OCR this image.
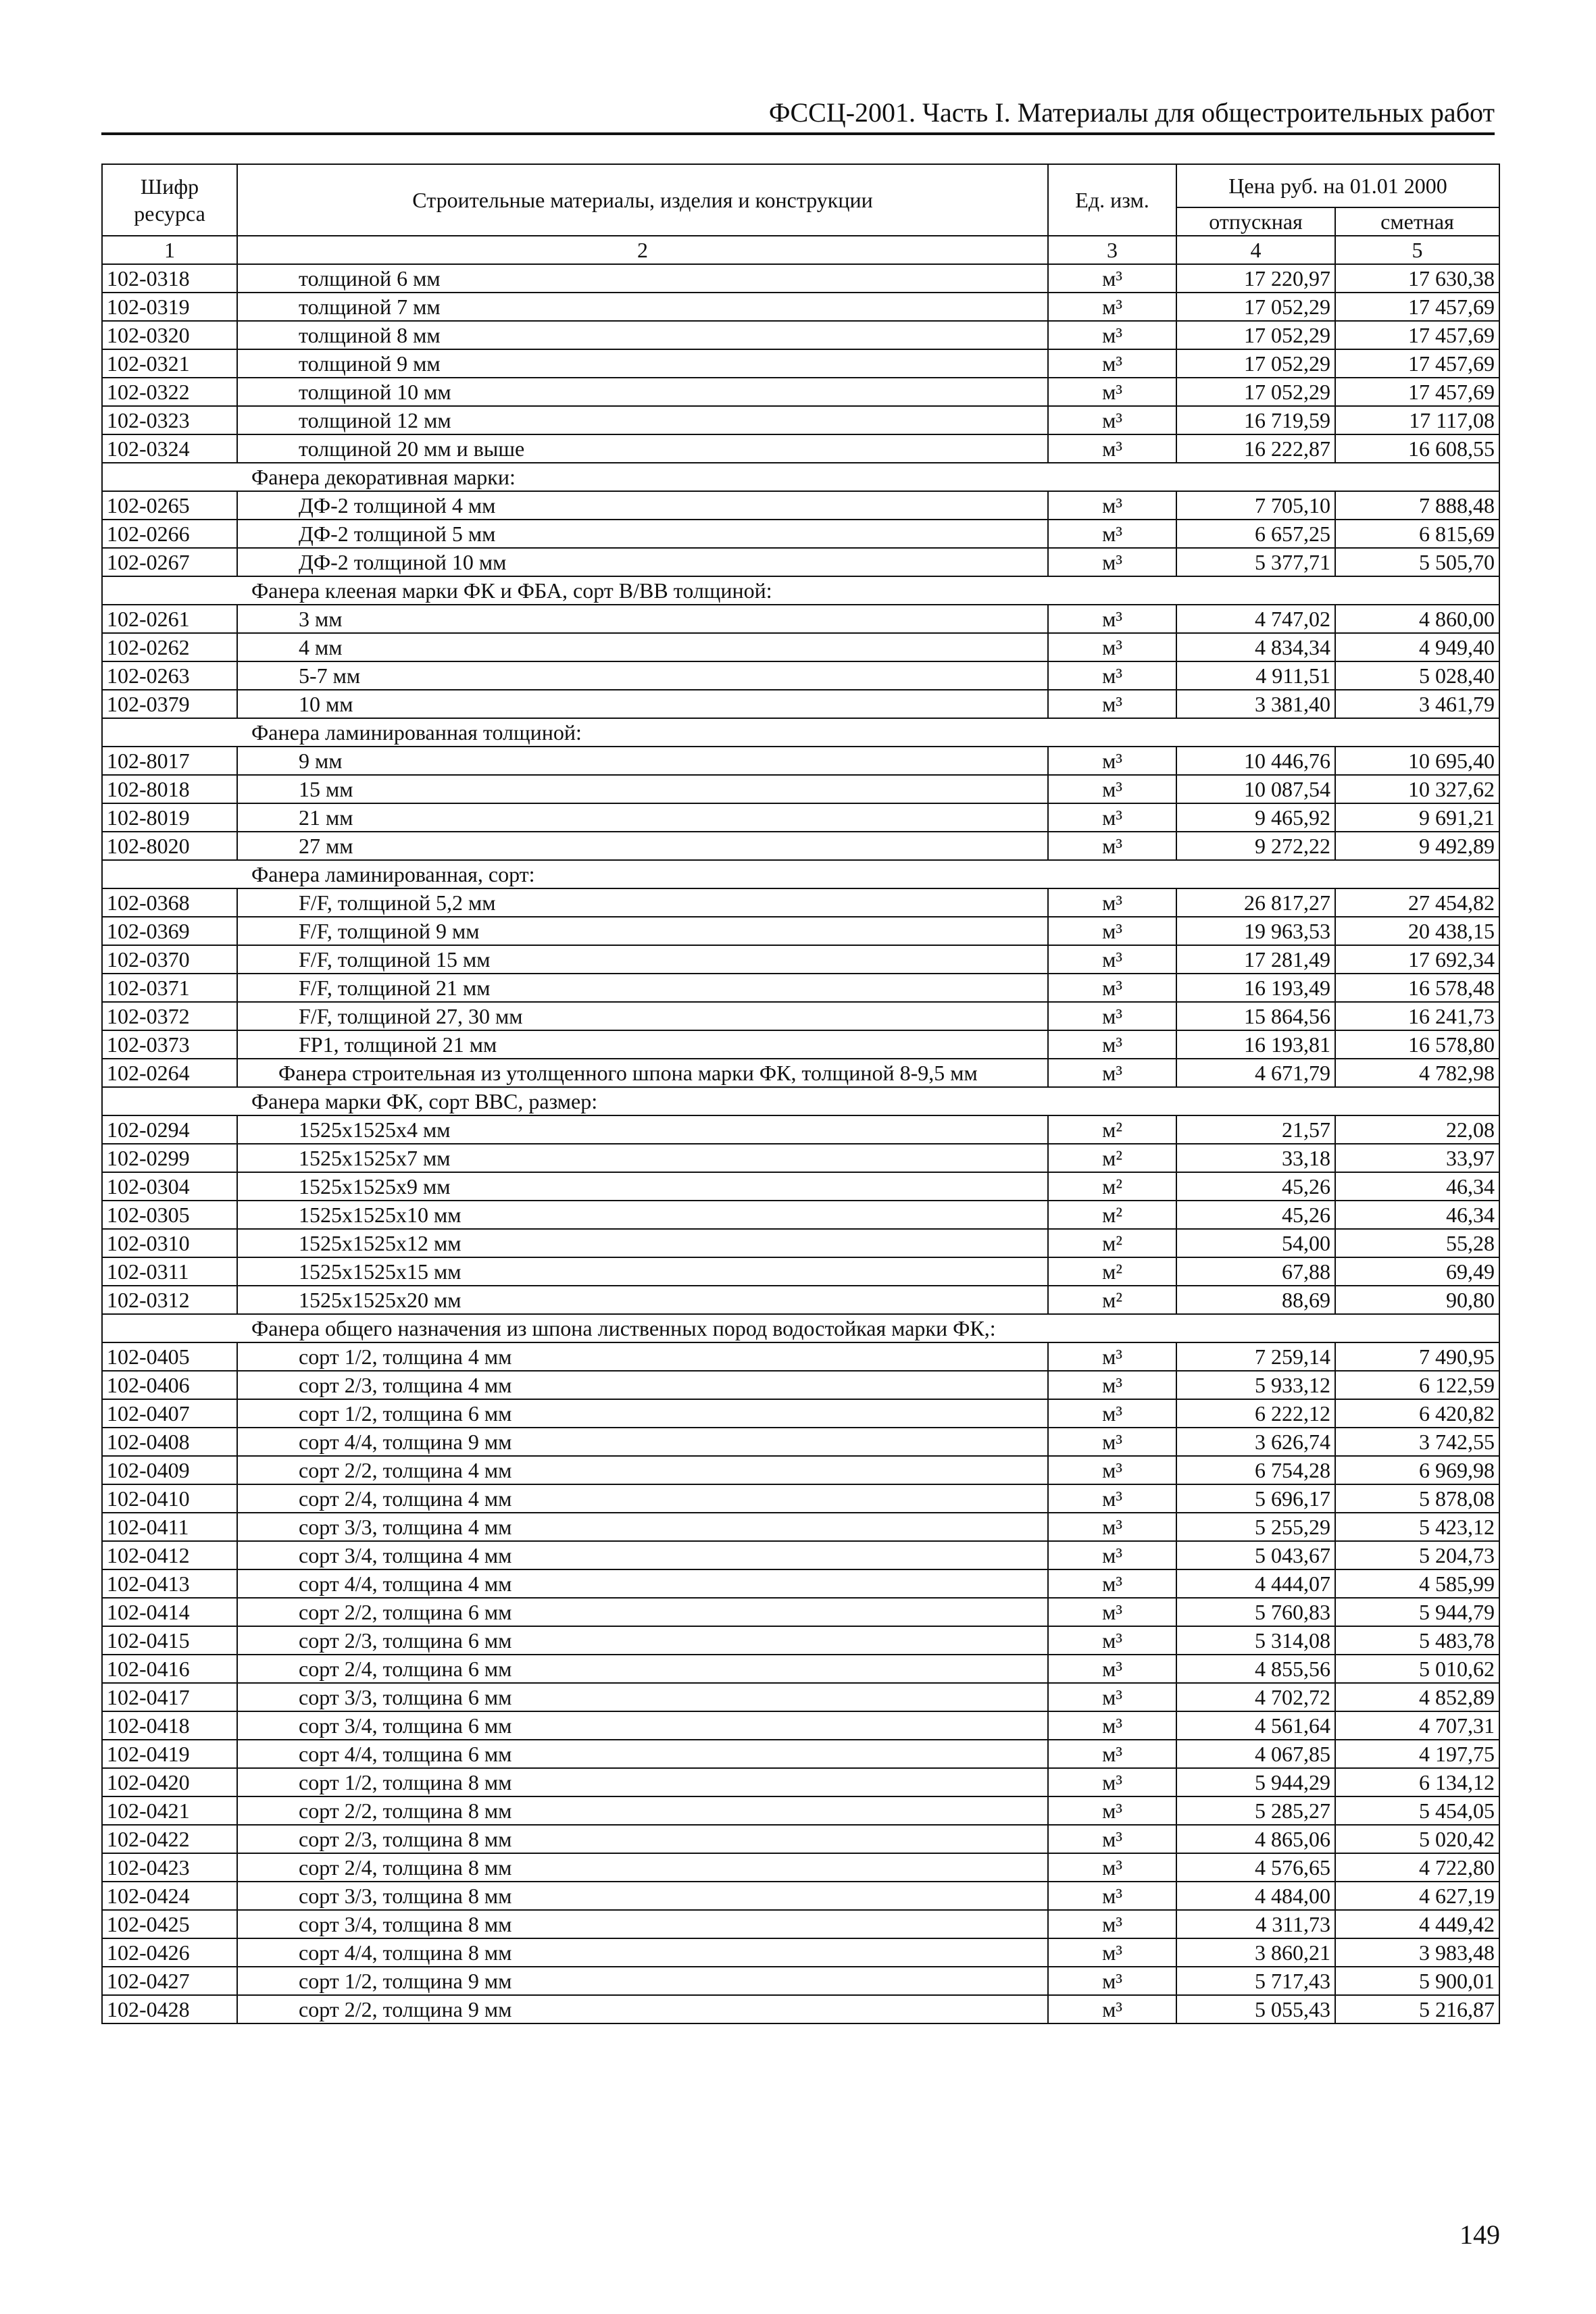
ФССЦ-2001. Часть I. Материалы для общестроительных работ
Шифр ресурса	Строительные материалы, изделия и конструкции	Ед. изм.	Цена руб. на 01.01 2000	
			отпускная	сметная
1	2	3	4	5
102-0318	толщиной 6 мм	м³	17 220,97	17 630,38
102-0319	толщиной 7 мм	м³	17 052,29	17 457,69
102-0320	толщиной 8 мм	м³	17 052,29	17 457,69
102-0321	толщиной 9 мм	м³	17 052,29	17 457,69
102-0322	толщиной 10 мм	м³	17 052,29	17 457,69
102-0323	толщиной 12 мм	м³	16 719,59	17 117,08
102-0324	толщиной 20 мм и выше	м³	16 222,87	16 608,55
Фанера декоративная марки:				
102-0265	ДФ-2 толщиной 4 мм	м³	7 705,10	7 888,48
102-0266	ДФ-2 толщиной 5 мм	м³	6 657,25	6 815,69
102-0267	ДФ-2 толщиной 10 мм	м³	5 377,71	5 505,70
Фанера клееная марки ФК и ФБА, сорт В/ВВ толщиной:				
102-0261	3 мм	м³	4 747,02	4 860,00
102-0262	4 мм	м³	4 834,34	4 949,40
102-0263	5-7 мм	м³	4 911,51	5 028,40
102-0379	10 мм	м³	3 381,40	3 461,79
Фанера ламинированная толщиной:				
102-8017	9 мм	м³	10 446,76	10 695,40
102-8018	15 мм	м³	10 087,54	10 327,62
102-8019	21 мм	м³	9 465,92	9 691,21
102-8020	27 мм	м³	9 272,22	9 492,89
Фанера ламинированная, сорт:				
102-0368	F/F, толщиной 5,2 мм	м³	26 817,27	27 454,82
102-0369	F/F, толщиной 9 мм	м³	19 963,53	20 438,15
102-0370	F/F, толщиной 15 мм	м³	17 281,49	17 692,34
102-0371	F/F, толщиной 21 мм	м³	16 193,49	16 578,48
102-0372	F/F, толщиной 27, 30 мм	м³	15 864,56	16 241,73
102-0373	FP1, толщиной 21 мм	м³	16 193,81	16 578,80
102-0264	Фанера строительная из утолщенного шпона марки ФК, толщиной 8-9,5 мм	м³	4 671,79	4 782,98
Фанера марки ФК, сорт ВВС, размер:				
102-0294	1525х1525х4 мм	м²	21,57	22,08
102-0299	1525х1525х7 мм	м²	33,18	33,97
102-0304	1525х1525х9 мм	м²	45,26	46,34
102-0305	1525х1525х10 мм	м²	45,26	46,34
102-0310	1525х1525х12 мм	м²	54,00	55,28
102-0311	1525х1525х15 мм	м²	67,88	69,49
102-0312	1525х1525х20 мм	м²	88,69	90,80
Фанера общего назначения из шпона лиственных пород водостойкая марки ФК,:				
102-0405	сорт 1/2, толщина 4 мм	м³	7 259,14	7 490,95
102-0406	сорт 2/3, толщина 4 мм	м³	5 933,12	6 122,59
102-0407	сорт 1/2, толщина 6 мм	м³	6 222,12	6 420,82
102-0408	сорт 4/4, толщина 9 мм	м³	3 626,74	3 742,55
102-0409	сорт 2/2, толщина 4 мм	м³	6 754,28	6 969,98
102-0410	сорт 2/4, толщина 4 мм	м³	5 696,17	5 878,08
102-0411	сорт 3/3, толщина 4 мм	м³	5 255,29	5 423,12
102-0412	сорт 3/4, толщина 4 мм	м³	5 043,67	5 204,73
102-0413	сорт 4/4, толщина 4 мм	м³	4 444,07	4 585,99
102-0414	сорт 2/2, толщина 6 мм	м³	5 760,83	5 944,79
102-0415	сорт 2/3, толщина 6 мм	м³	5 314,08	5 483,78
102-0416	сорт 2/4, толщина 6 мм	м³	4 855,56	5 010,62
102-0417	сорт 3/3, толщина 6 мм	м³	4 702,72	4 852,89
102-0418	сорт 3/4, толщина 6 мм	м³	4 561,64	4 707,31
102-0419	сорт 4/4, толщина 6 мм	м³	4 067,85	4 197,75
102-0420	сорт 1/2, толщина 8 мм	м³	5 944,29	6 134,12
102-0421	сорт 2/2, толщина 8 мм	м³	5 285,27	5 454,05
102-0422	сорт 2/3, толщина 8 мм	м³	4 865,06	5 020,42
102-0423	сорт 2/4, толщина 8 мм	м³	4 576,65	4 722,80
102-0424	сорт 3/3, толщина 8 мм	м³	4 484,00	4 627,19
102-0425	сорт 3/4, толщина 8 мм	м³	4 311,73	4 449,42
102-0426	сорт 4/4, толщина 8 мм	м³	3 860,21	3 983,48
102-0427	сорт 1/2, толщина 9 мм	м³	5 717,43	5 900,01
102-0428	сорт 2/2, толщина 9 мм	м³	5 055,43	5 216,87
149
